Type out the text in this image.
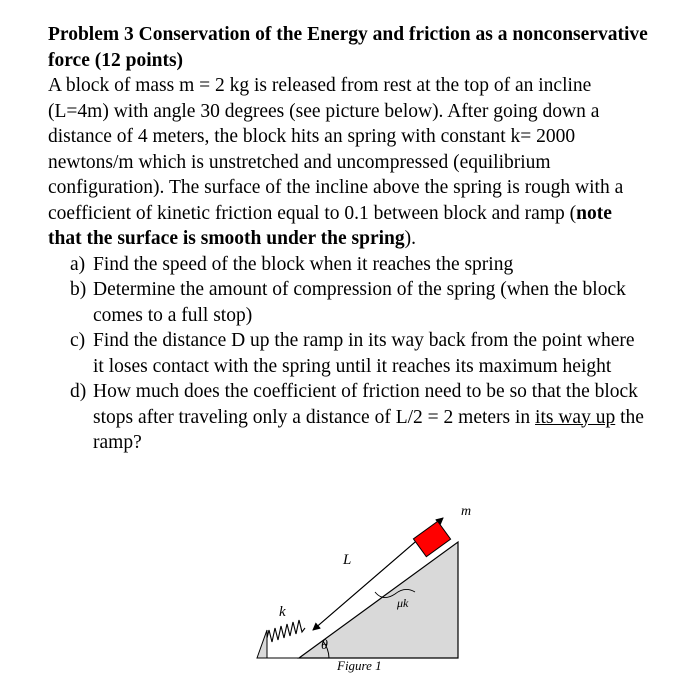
Problem 3 Conservation of the Energy and friction as a nonconservative force (12 points)

A block of mass m = 2 kg is released from rest at the top of an incline (L=4m) with angle 30 degrees (see picture below). After going down a distance of 4 meters, the block hits an spring with constant k= 2000 newtons/m which is unstretched and uncompressed (equilibrium configuration). The surface of the incline above the spring is rough with a coefficient of kinetic friction equal to 0.1 between block and ramp (note that the surface is smooth under the spring).

a) Find the speed of the block when it reaches the spring
b) Determine the amount of compression of the spring (when the block comes to a full stop)
c) Find the distance D up the ramp in its way back from the point where it loses contact with the spring until it reaches its maximum height
d) How much does the coefficient of friction need to be so that the block stops after traveling only a distance of L/2 = 2 meters in its way up the ramp?
m
L
μk
k
θ
Figure 1
